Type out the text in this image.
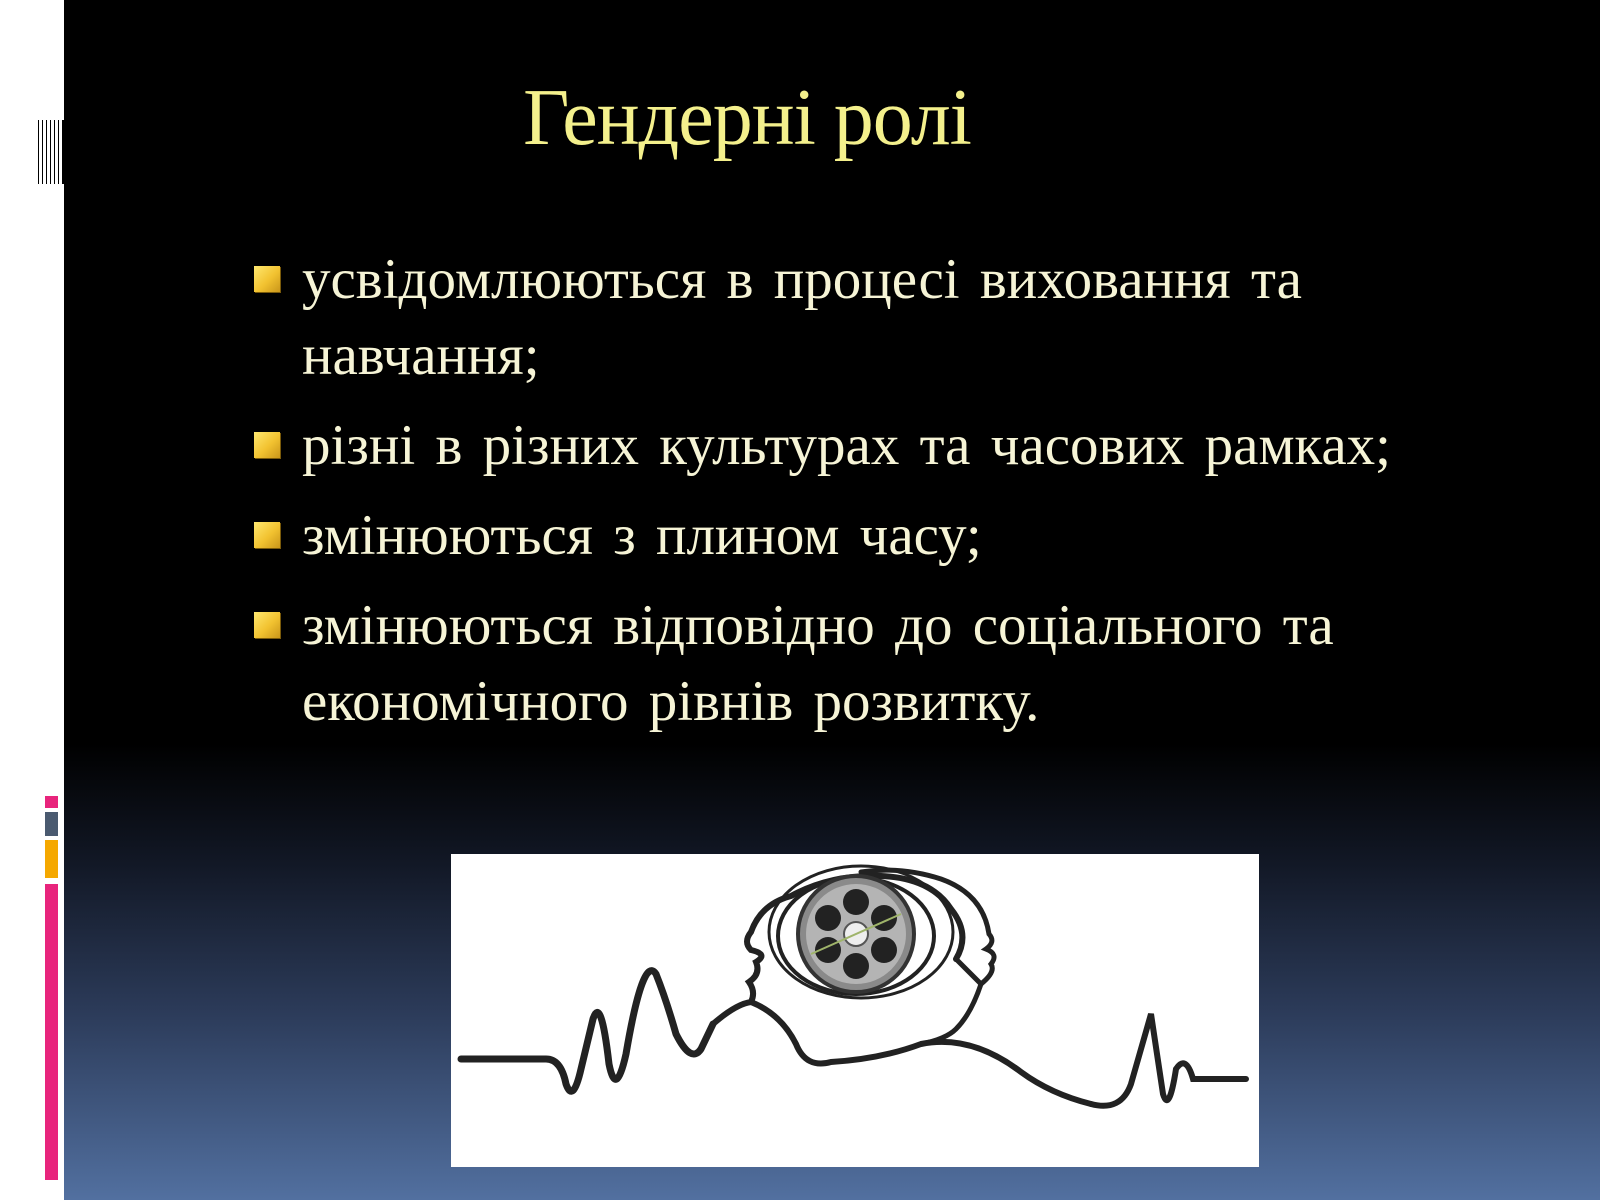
Гендерні ролі
усвідомлюються в процесі виховання та навчання;
різні в різних культурах та часових рамках;
змінюються з плином часу;
змінюються відповідно до соціального та економічного рівнів розвитку.
